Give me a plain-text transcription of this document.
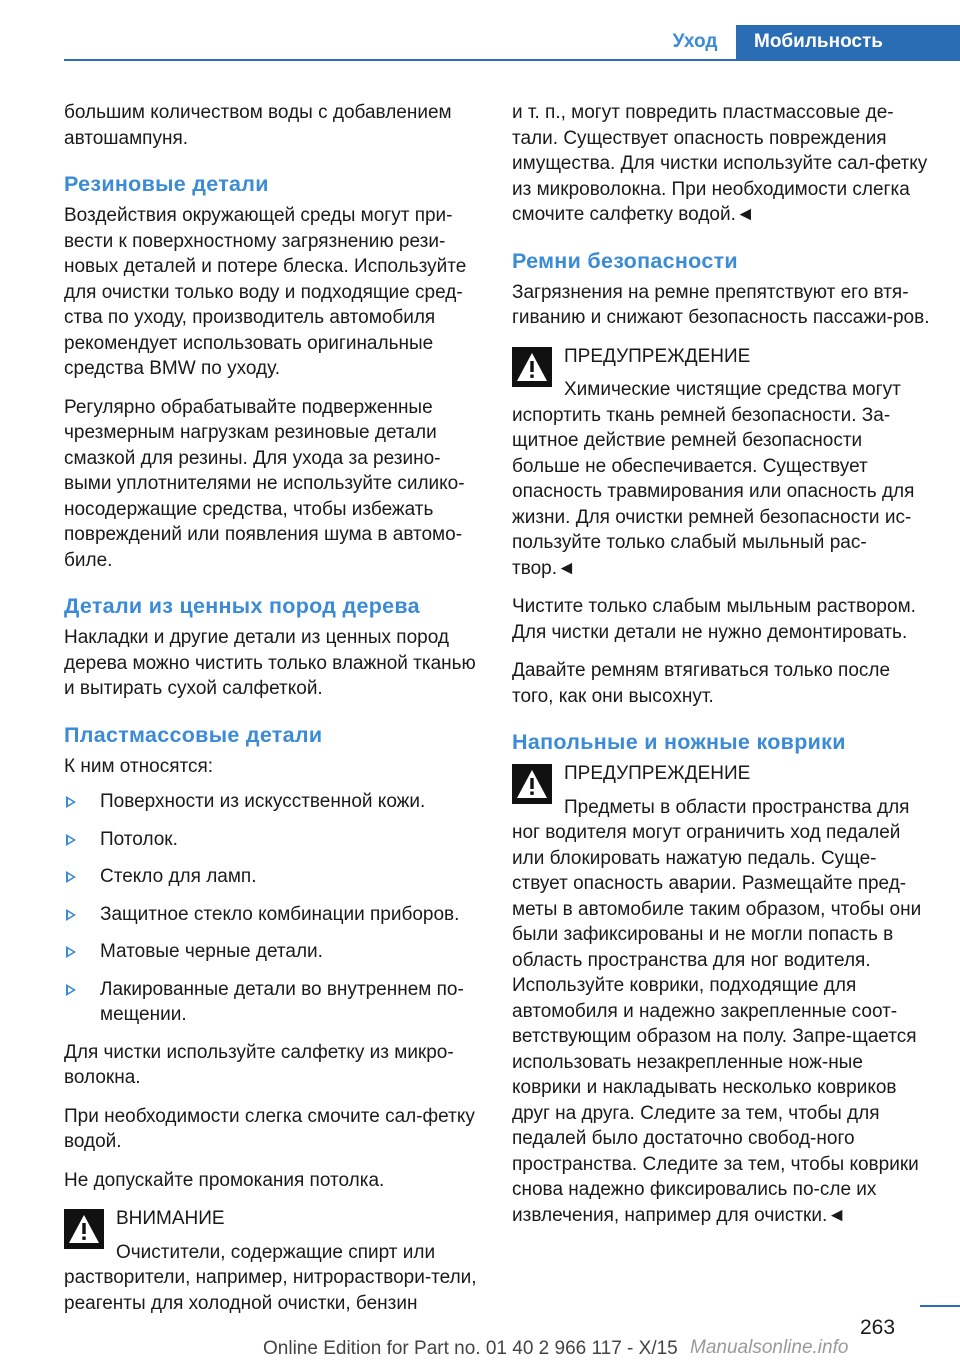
Уход	Мобильность

большим количеством воды с добавлением автошампуня.

Резиновые детали

Воздействия окружающей среды могут при-вести к поверхностному загрязнению рези-новых деталей и потере блеска. Используйте для очистки только воду и подходящие сред-ства по уходу, производитель автомобиля рекомендует использовать оригинальные средства BMW по уходу.

Регулярно обрабатывайте подверженные чрезмерным нагрузкам резиновые детали смазкой для резины. Для ухода за резино-выми уплотнителями не используйте силико-носодержащие средства, чтобы избежать повреждений или появления шума в автомо-биле.

Детали из ценных пород дерева

Накладки и другие детали из ценных пород дерева можно чистить только влажной тканью и вытирать сухой салфеткой.

Пластмассовые детали

К ним относятся:

Поверхности из искусственной кожи.
Потолок.
Стекло для ламп.
Защитное стекло комбинации приборов.
Матовые черные детали.
Лакированные детали во внутреннем по-мещении.

Для чистки используйте салфетку из микро-волокна.

При необходимости слегка смочите сал-фетку водой.

Не допускайте промокания потолка.

ВНИМАНИЕ

Очистители, содержащие спирт или растворители, например, нитрораствори-тели, реагенты для холодной очистки, бензин

и т. п., могут повредить пластмассовые де-тали. Существует опасность повреждения имущества. Для чистки используйте сал-фетку из микроволокна. При необходимости слегка смочите салфетку водой.◄

Ремни безопасности

Загрязнения на ремне препятствуют его втя-гиванию и снижают безопасность пассажи-ров.

ПРЕДУПРЕЖДЕНИЕ

Химические чистящие средства могут испортить ткань ремней безопасности. За-щитное действие ремней безопасности больше не обеспечивается. Существует опасность травмирования или опасность для жизни. Для очистки ремней безопасности ис-пользуйте только слабый мыльный рас-твор.◄

Чистите только слабым мыльным раствором. Для чистки детали не нужно демонтировать.

Давайте ремням втягиваться только после того, как они высохнут.

Напольные и ножные коврики

ПРЕДУПРЕЖДЕНИЕ

Предметы в области пространства для ног водителя могут ограничить ход педалей или блокировать нажатую педаль. Суще-ствует опасность аварии. Размещайте пред-меты в автомобиле таким образом, чтобы они были зафиксированы и не могли попасть в область пространства для ног водителя. Используйте коврики, подходящие для автомобиля и надежно закрепленные соот-ветствующим образом на полу. Запре-щается использовать незакрепленные нож-ные коврики и накладывать несколько ковриков друг на друга. Следите за тем, чтобы для педалей было достаточно свобод-ного пространства. Следите за тем, чтобы коврики снова надежно фиксировались по-сле их извлечения, например для очистки.◄

263
Online Edition for Part no. 01 40 2 966 117 - X/15 Manualsonline.info
